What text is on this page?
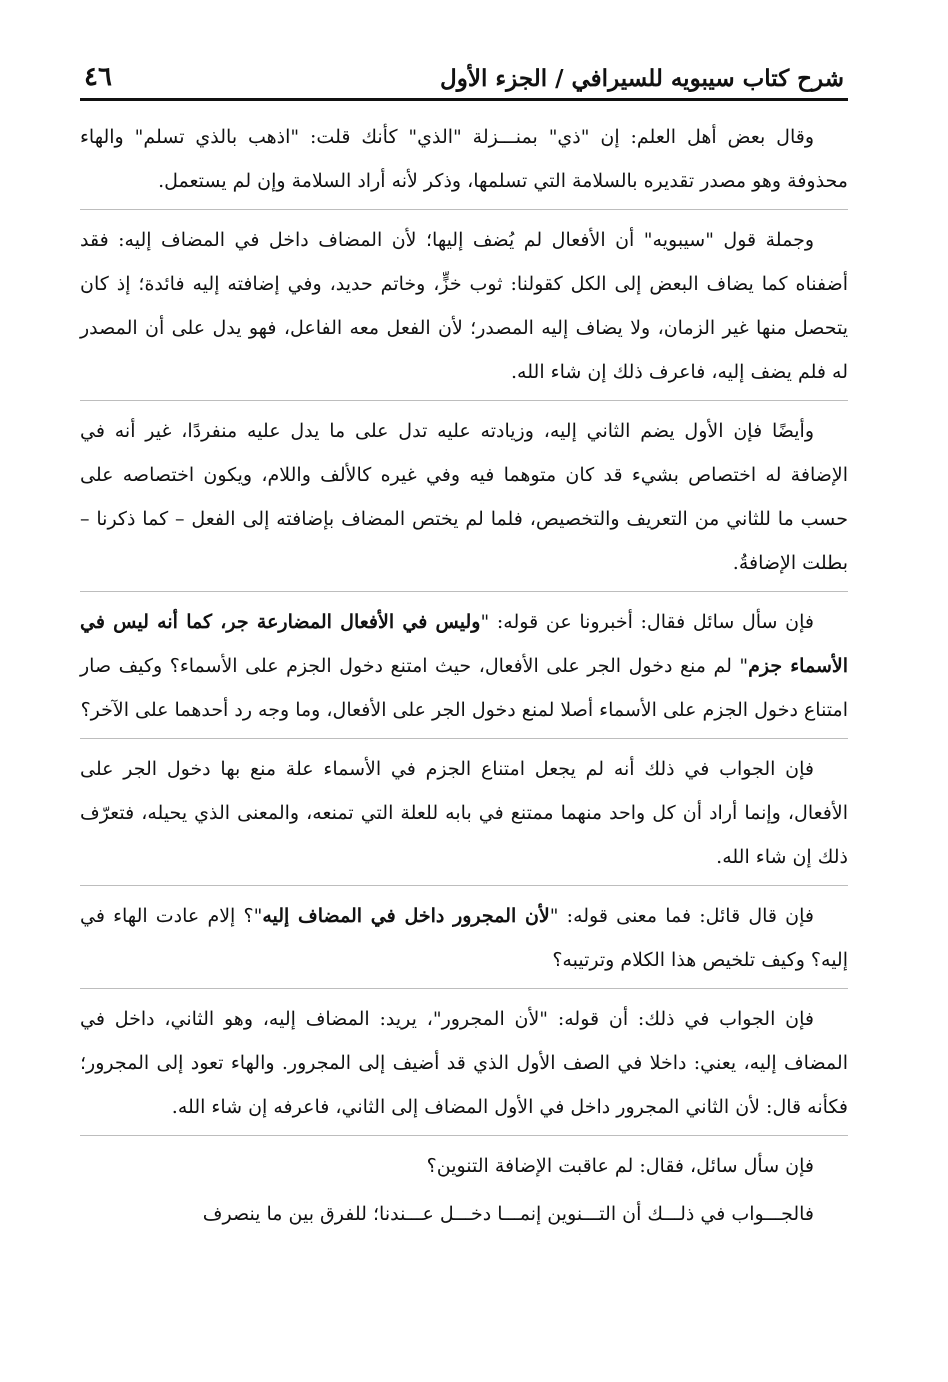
شرح كتاب سيبويه للسيرافي / الجزء الأول
٤٦

وقال بعض أهل العلم: إن "ذي" بمنـــزلة "الذي" كأنك قلت: "اذهب بالذي تسلم" والهاء محذوفة وهو مصدر تقديره بالسلامة التي تسلمها، وذكر لأنه أراد السلامة وإن لم يستعمل.

وجملة قول "سيبويه" أن الأفعال لم يُضف إليها؛ لأن المضاف داخل في المضاف إليه: فقد أضفناه كما يضاف البعض إلى الكل كقولنا: ثوب خزٍّ، وخاتم حديد، وفي إضافته إليه فائدة؛ إذ كان يتحصل منها غير الزمان، ولا يضاف إليه المصدر؛ لأن الفعل معه الفاعل، فهو يدل على أن المصدر له فلم يضف إليه، فاعرف ذلك إن شاء الله.

وأيضًا فإن الأول يضم الثاني إليه، وزيادته عليه تدل على ما يدل عليه منفردًا، غير أنه في الإضافة له اختصاص بشيء قد كان متوهما فيه وفي غيره كالألف واللام، ويكون اختصاصه على حسب ما للثاني من التعريف والتخصيص، فلما لم يختص المضاف بإضافته إلى الفعل – كما ذكرنا – بطلت الإضافةُ.

فإن سأل سائل فقال: أخبرونا عن قوله: "وليس في الأفعال المضارعة جر، كما أنه ليس في الأسماء جزم" لم منع دخول الجر على الأفعال، حيث امتنع دخول الجزم على الأسماء؟ وكيف صار امتناع دخول الجزم على الأسماء أصلا لمنع دخول الجر على الأفعال، وما وجه رد أحدهما على الآخر؟

فإن الجواب في ذلك أنه لم يجعل امتناع الجزم في الأسماء علة منع بها دخول الجر على الأفعال، وإنما أراد أن كل واحد منهما ممتنع في بابه للعلة التي تمنعه، والمعنى الذي يحيله، فتعرّف ذلك إن شاء الله.

فإن قال قائل: فما معنى قوله: "لأن المجرور داخل في المضاف إليه"؟ إلام عادت الهاء في إليه؟ وكيف تلخيص هذا الكلام وترتيبه؟

فإن الجواب في ذلك: أن قوله: "لأن المجرور"، يريد: المضاف إليه، وهو الثاني، داخل في المضاف إليه، يعني: داخلا في الصف الأول الذي قد أضيف إلى المجرور. والهاء تعود إلى المجرور؛ فكأنه قال: لأن الثاني المجرور داخل في الأول المضاف إلى الثاني، فاعرفه إن شاء الله.

فإن سأل سائل، فقال: لم عاقبت الإضافة التنوين؟

فالجـــواب في ذلـــك أن التـــنوين إنمـــا دخـــل عـــندنا؛ للفرق بين ما ينصرف
